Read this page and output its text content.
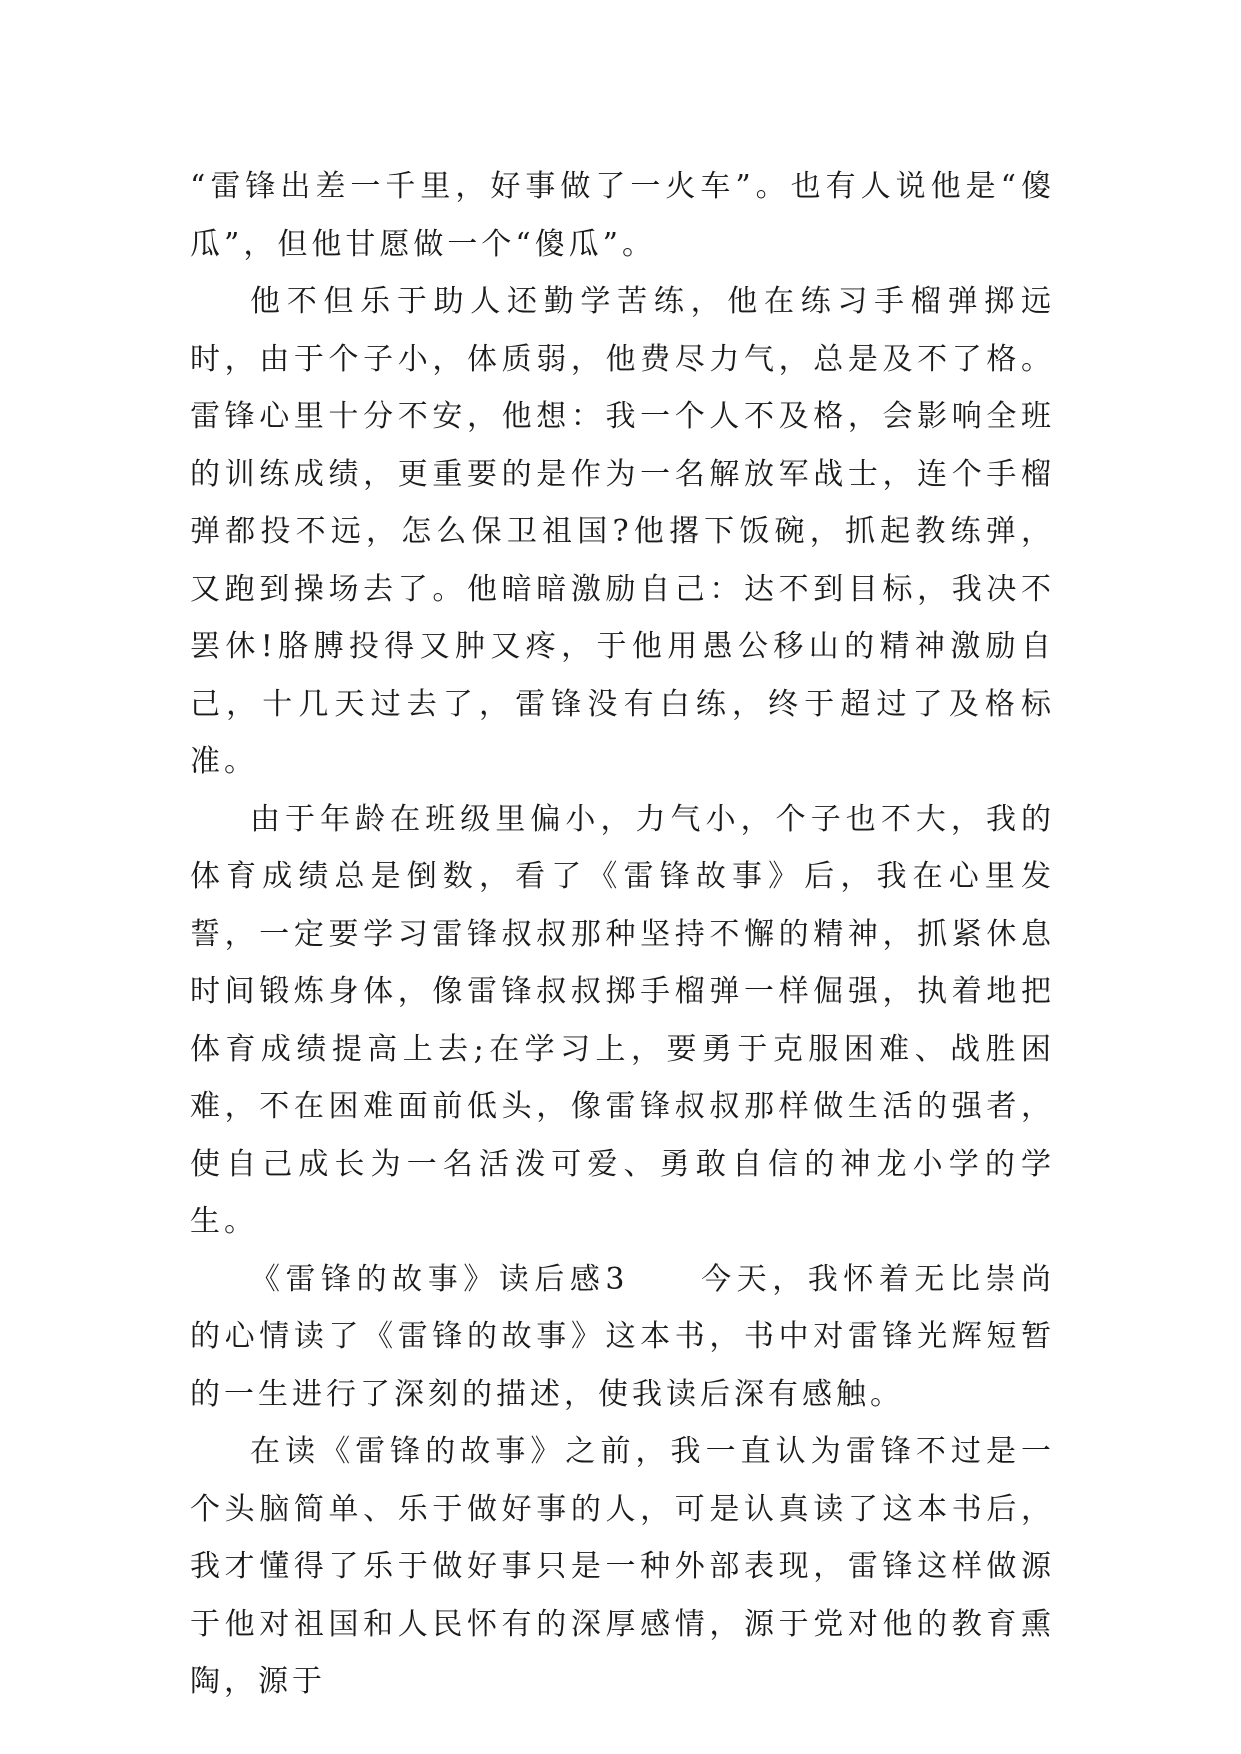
“雷锋出差一千里，好事做了一火车”。也有人说他是“傻瓜”，但他甘愿做一个“傻瓜”。

他不但乐于助人还勤学苦练，他在练习手榴弹掷远时，由于个子小，体质弱，他费尽力气，总是及不了格。雷锋心里十分不安，他想：我一个人不及格，会影响全班的训练成绩，更重要的是作为一名解放军战士，连个手榴弹都投不远，怎么保卫祖国?他撂下饭碗，抓起教练弹，又跑到操场去了。他暗暗激励自己：达不到目标，我决不罢休!胳膊投得又肿又疼，于他用愚公移山的精神激励自己，十几天过去了，雷锋没有白练，终于超过了及格标准。

由于年龄在班级里偏小，力气小，个子也不大，我的体育成绩总是倒数，看了《雷锋故事》后，我在心里发誓，一定要学习雷锋叔叔那种坚持不懈的精神，抓紧休息时间锻炼身体，像雷锋叔叔掷手榴弹一样倔强，执着地把体育成绩提高上去;在学习上，要勇于克服困难、战胜困难，不在困难面前低头，像雷锋叔叔那样做生活的强者，使自己成长为一名活泼可爱、勇敢自信的神龙小学的学生。

《雷锋的故事》读后感3　　今天，我怀着无比崇尚的心情读了《雷锋的故事》这本书，书中对雷锋光辉短暂的一生进行了深刻的描述，使我读后深有感触。

在读《雷锋的故事》之前，我一直认为雷锋不过是一个头脑简单、乐于做好事的人，可是认真读了这本书后，我才懂得了乐于做好事只是一种外部表现，雷锋这样做源于他对祖国和人民怀有的深厚感情，源于党对他的教育熏陶，源于
